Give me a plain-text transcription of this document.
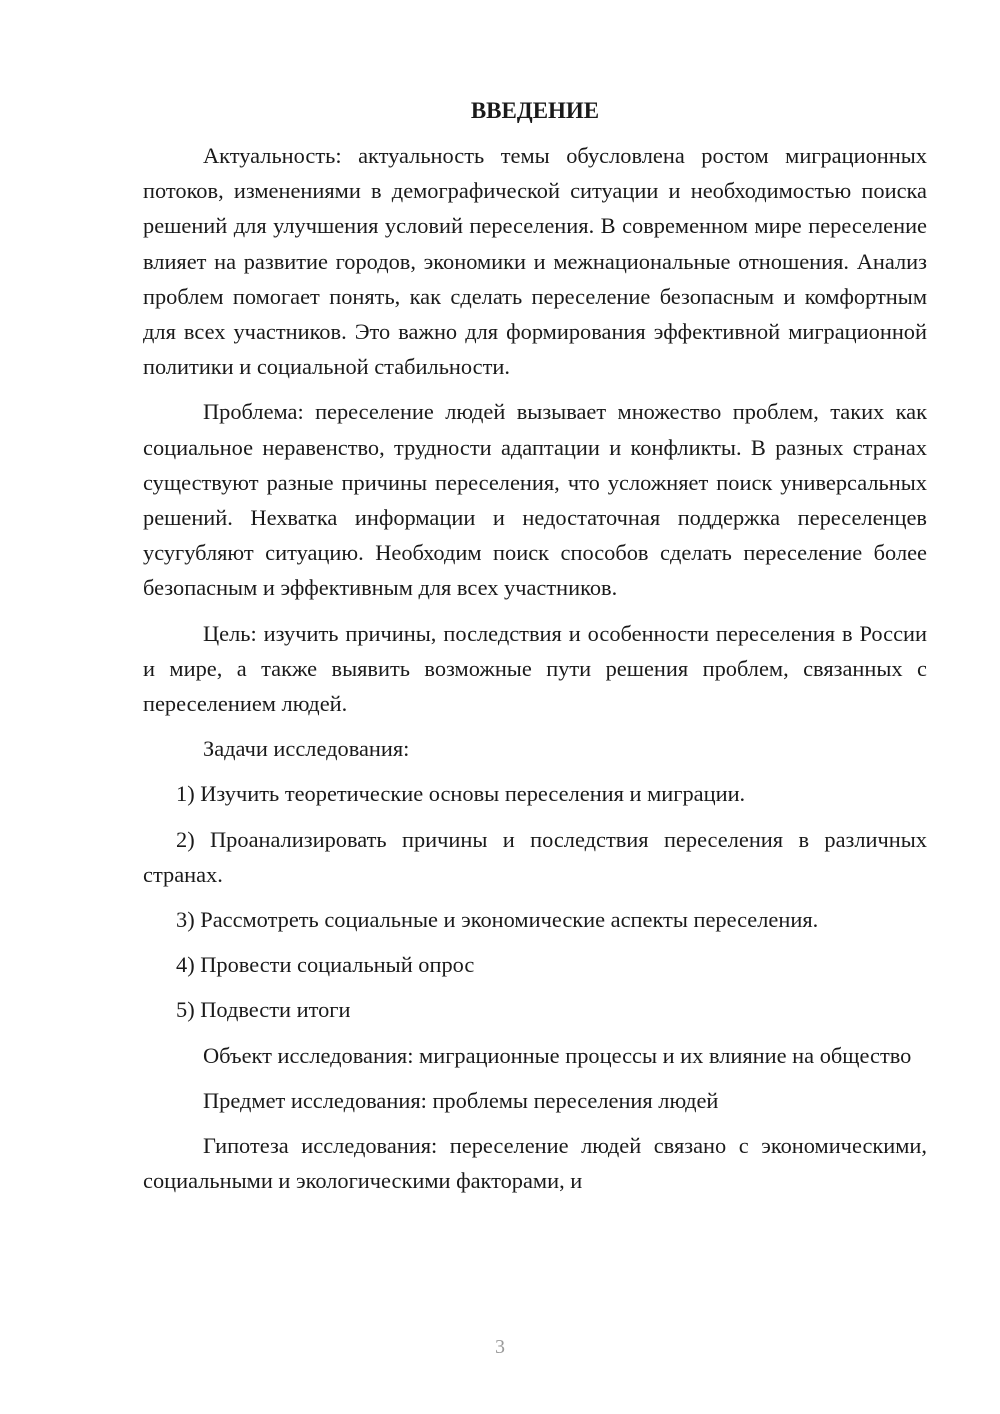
ВВЕДЕНИЕ

Актуальность: актуальность темы обусловлена ростом миграционных потоков, изменениями в демографической ситуации и необходимостью поиска решений для улучшения условий переселения. В современном мире переселение влияет на развитие городов, экономики и межнациональные отношения. Анализ проблем помогает понять, как сделать переселение безопасным и комфортным для всех участников. Это важно для формирования эффективной миграционной политики и социальной стабильности.

Проблема: переселение людей вызывает множество проблем, таких как социальное неравенство, трудности адаптации и конфликты. В разных странах существуют разные причины переселения, что усложняет поиск универсальных решений. Нехватка информации и недостаточная поддержка переселенцев усугубляют ситуацию. Необходим поиск способов сделать переселение более безопасным и эффективным для всех участников.

Цель: изучить причины, последствия и особенности переселения в России и мире, а также выявить возможные пути решения проблем, связанных с переселением людей.

Задачи исследования:

1) Изучить теоретические основы переселения и миграции.

2) Проанализировать причины и последствия переселения в различных странах.

3) Рассмотреть социальные и экономические аспекты переселения.

4) Провести социальный опрос

5) Подвести итоги

Объект исследования: миграционные процессы и их влияние на общество

Предмет исследования: проблемы переселения людей

Гипотеза исследования: переселение людей связано с экономическими, социальными и экологическими факторами, и

3
